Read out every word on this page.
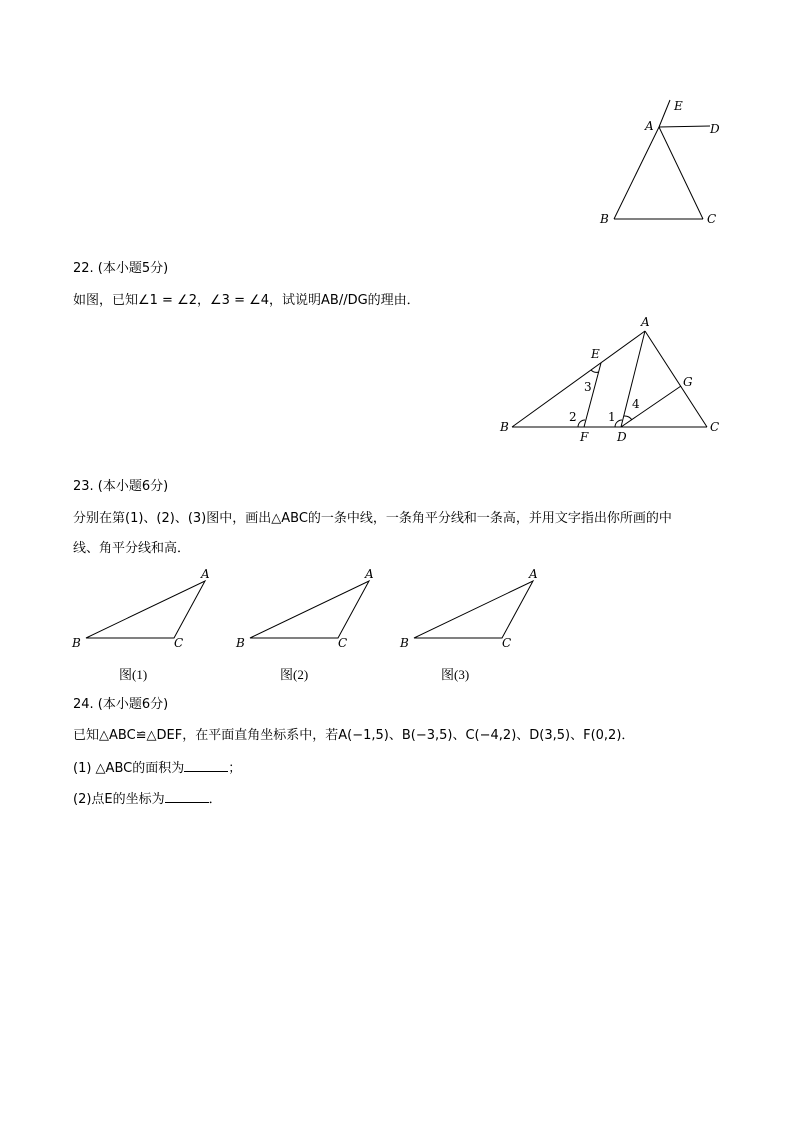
A
B	C
D
E
22. (本小题5分)
如图，已知∠1 = ∠2，∠3 = ∠4，试说明AB//DG的理由．
A
B	C
D
E
F
G
1
2
3
4
23. (本小题6分)
分别在第(1)、(2)、(3)图中，画出△ABC的一条中线，一条角平分线和一条高，并用文字指出你所画的中
线、角平分线和高．
A
B	C
A
B	C
A
B	C
图(1)	图(2)	图(3)
24. (本小题6分)
已知△ABC≌△DEF，在平面直角坐标系中，若A(−1,5)、B(−3,5)、C(−4,2)、D(3,5)、F(0,2)．
(1) △ABC的面积为	；
(2)点E的坐标为	．
